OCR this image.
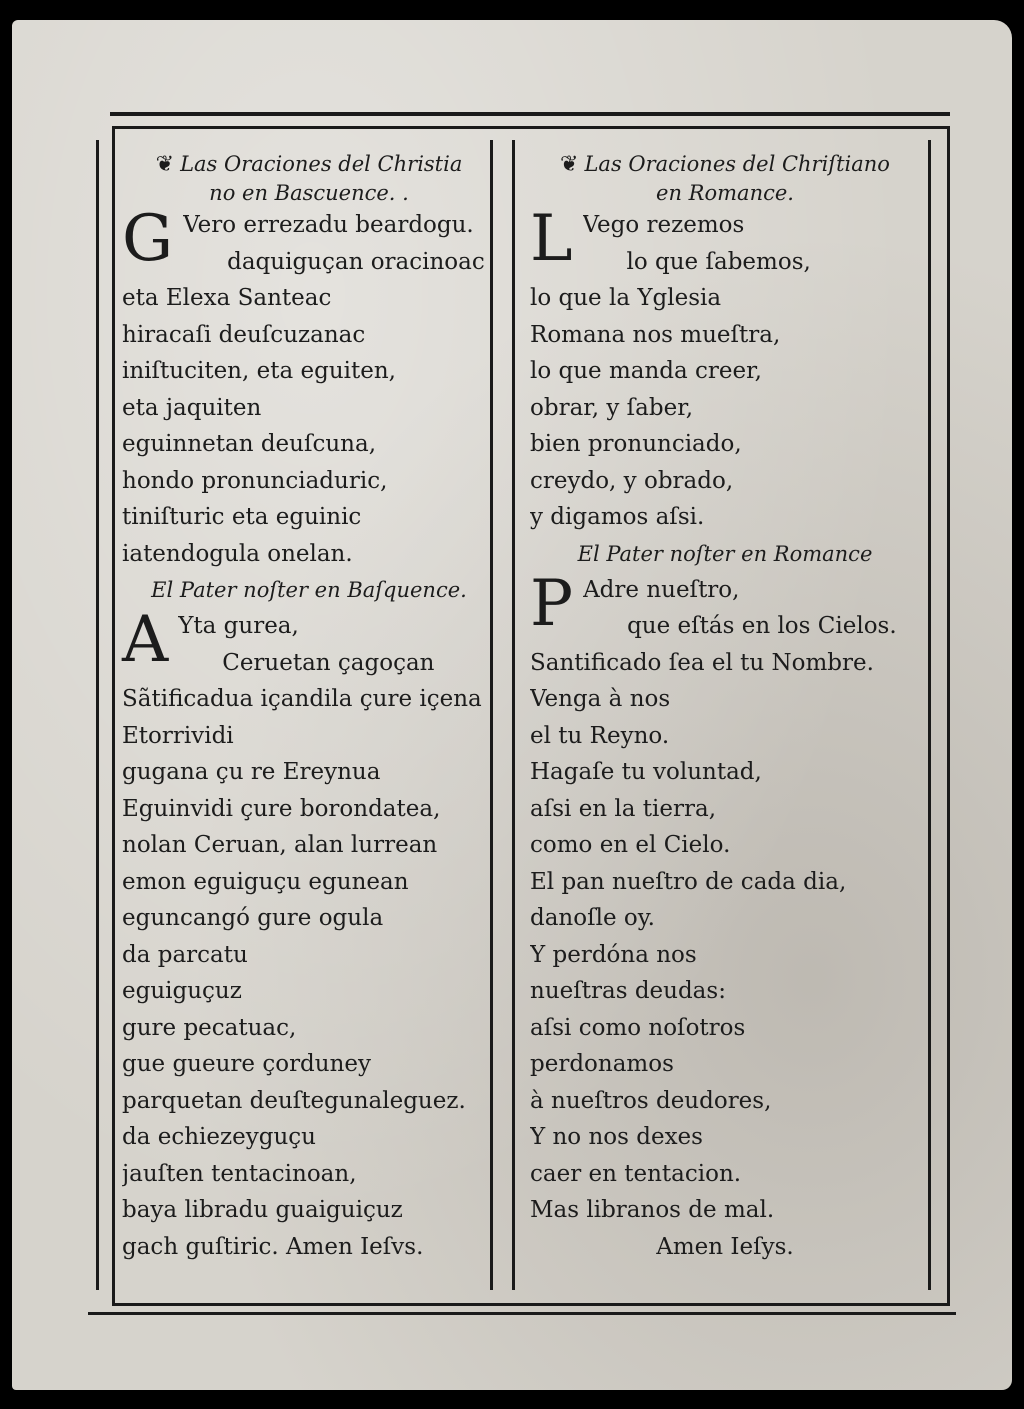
❦ Las Oraciones del Christia

no en Bascuence. .

G Vero errezadu beardogu.
daquiguçan oracinoac
eta Elexa Santeac
hiracaſi deuſcuzanac
iniſtuciten, eta eguiten,
eta jaquiten
eguinnetan deuſcuna,
hondo pronunciaduric,
tiniſturic eta eguinic
iatendogula onelan.
El Pater noſter en Baſquence.
A Yta gurea,
Ceruetan çagoçan
Sãtificadua içandila çure içena
Etorrividi
gugana çu re Ereynua
Eguinvidi çure borondatea,
nolan Ceruan, alan lurrean
emon eguiguçu egunean
eguncangó gure ogula
da parcatu
eguiguçuz
gure pecatuac,
gue gueure çorduney
parquetan deuſtegunaleguez.
da echiezeyguçu
jauſten tentacinoan,
baya libradu guaiguiçuz
gach guſtiric. Amen Ieſvs.

❦ Las Oraciones del Chriſtiano

en Romance.

L Vego rezemos
lo que ſabemos,
lo que la Yglesia
Romana nos mueſtra,
lo que manda creer,
obrar, y ſaber,
bien pronunciado,
creydo, y obrado,
y digamos aſsi.
El Pater noſter en Romance
P Adre nueſtro,
que eſtás en los Cielos.
Santificado ſea el tu Nombre.
Venga à nos
el tu Reyno.
Hagaſe tu voluntad,
aſsi en la tierra,
como en el Cielo.
El pan nueſtro de cada dia,
danoſle oy.
Y perdóna nos
nueſtras deudas:
aſsi como noſotros
perdonamos
à nueſtros deudores,
Y no nos dexes
caer en tentacion.
Mas libranos de mal.
Amen Ieſys.
